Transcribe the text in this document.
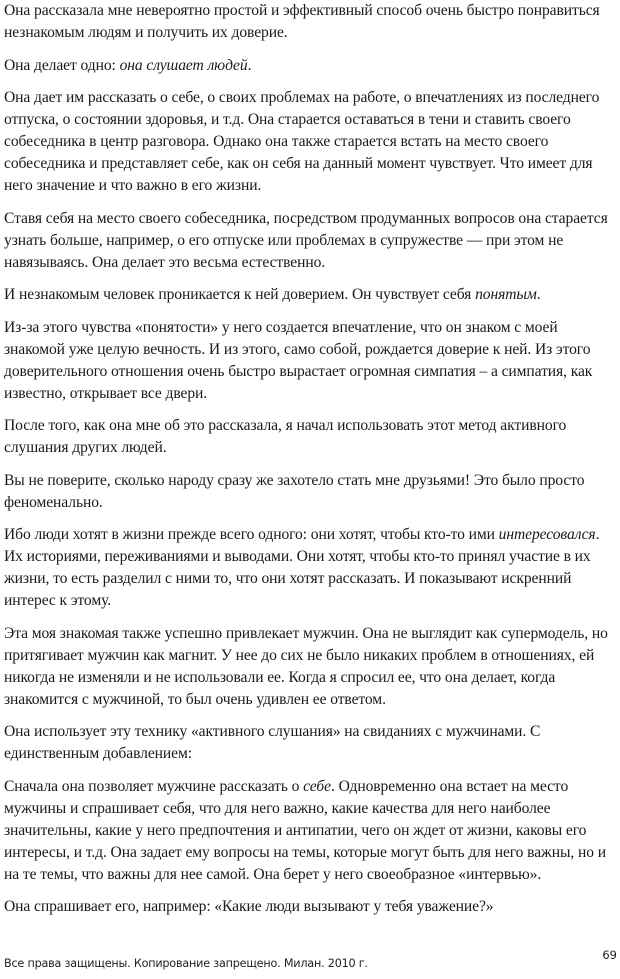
Она рассказала мне невероятно простой и эффективный способ очень быстро понравиться незнакомым людям и получить их доверие.

Она делает одно: она слушает людей.

Она дает им рассказать о себе, о своих проблемах на работе, о впечатлениях из последнего отпуска, о состоянии здоровья, и т.д. Она старается оставаться в тени и ставить своего собеседника в центр разговора. Однако она также старается встать на место своего собеседника и представляет себе, как он себя на данный момент чувствует. Что имеет для него значение и что важно в его жизни.

Ставя себя на место своего собеседника, посредством продуманных вопросов она старается узнать больше, например, о его отпуске или проблемах в супружестве — при этом не навязываясь. Она делает это весьма естественно.

И незнакомым человек проникается к ней доверием. Он чувствует себя понятым.

Из-за этого чувства «понятости» у него создается впечатление, что он знаком с моей знакомой уже целую вечность. И из этого, само собой, рождается доверие к ней. Из этого доверительного отношения очень быстро вырастает огромная симпатия – а симпатия, как известно, открывает все двери.

После того, как она мне об это рассказала, я начал использовать этот метод активного слушания других людей.

Вы не поверите, сколько народу сразу же захотело стать мне друзьями! Это было просто феноменально.

Ибо люди хотят в жизни прежде всего одного: они хотят, чтобы кто-то ими интересовался. Их историями, переживаниями и выводами. Они хотят, чтобы кто-то принял участие в их жизни, то есть разделил с ними то, что они хотят рассказать. И показывают искренний интерес к этому.

Эта моя знакомая также успешно привлекает мужчин. Она не выглядит как супермодель, но притягивает мужчин как магнит. У нее до сих не было никаких проблем в отношениях, ей никогда не изменяли и не использовали ее. Когда я спросил ее, что она делает, когда знакомится с мужчиной, то был очень удивлен ее ответом.

Она использует эту технику «активного слушания» на свиданиях с мужчинами. С единственным добавлением:

Сначала она позволяет мужчине рассказать о себе. Одновременно она встает на место мужчины и спрашивает себя, что для него важно, какие качества для него наиболее значительны, какие у него предпочтения и антипатии, чего он ждет от жизни, каковы его интересы, и т.д. Она задает ему вопросы на темы, которые могут быть для него важны, но и на те темы, что важны для нее самой. Она берет у него своеобразное «интервью».

Она спрашивает его, например: «Какие люди вызывают у тебя уважение?»

Все права защищены. Копирование запрещено. Милан. 2010 г.
69
